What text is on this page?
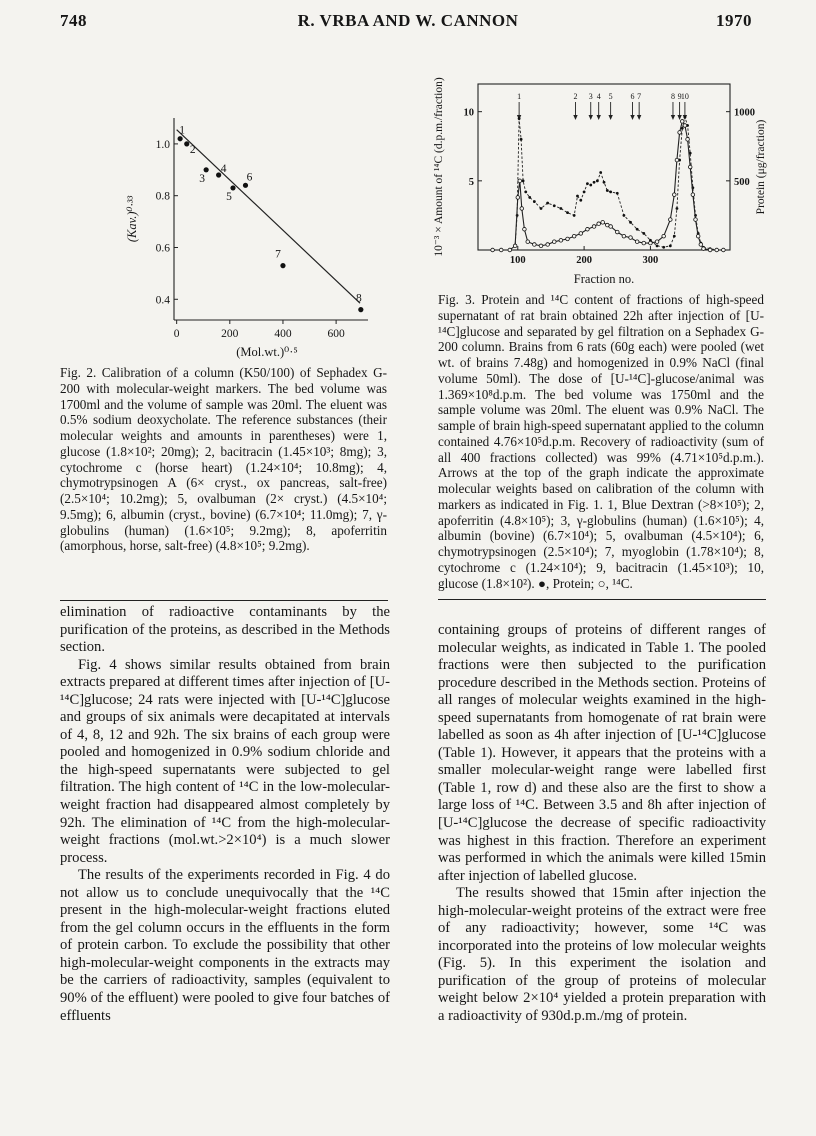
748	R. VRBA AND W. CANNON	1970
0	200	400	600
0.4
0.6
0.8
1.0
1
2
3
4
5
6
7
8
(Mol.wt.)⁰·⁵
(Kav.)⁰·³³
Fig. 2. Calibration of a column (K50/100) of Sephadex G-200 with molecular-weight markers. The bed volume was 1700ml and the volume of sample was 20ml. The eluent was 0.5% sodium deoxycholate. The reference substances (their molecular weights and amounts in parentheses) were 1, glucose (1.8×10²; 20mg); 2, bacitracin (1.45×10³; 8mg); 3, cytochrome c (horse heart) (1.24×10⁴; 10.8mg); 4, chymotrypsinogen A (6× cryst., ox pancreas, salt-free) (2.5×10⁴; 10.2mg); 5, ovalbuman (2× cryst.) (4.5×10⁴; 9.5mg); 6, albumin (cryst., bovine) (6.7×10⁴; 11.0mg); 7, γ-globulins (human) (1.6×10⁵; 9.2mg); 8, apoferritin (amorphous, horse, salt-free) (4.8×10⁵; 9.2mg).
100	200	300
5
10
500
1000
1	2 3 4 5 6 7	8 9 10
Fraction no.
10⁻³ × Amount of ¹⁴C (d.p.m./fraction)	Protein (μg/fraction)
Fig. 3. Protein and ¹⁴C content of fractions of high-speed supernatant of rat brain obtained 22h after injection of [U-¹⁴C]glucose and separated by gel filtration on a Sephadex G-200 column. Brains from 6 rats (60g each) were pooled (wet wt. of brains 7.48g) and homogenized in 0.9% NaCl (final volume 50ml). The dose of [U-¹⁴C]-glucose/animal was 1.369×10⁸d.p.m. The bed volume was 1750ml and the sample volume was 20ml. The eluent was 0.9% NaCl. The sample of brain high-speed supernatant applied to the column contained 4.76×10⁵d.p.m. Recovery of radioactivity (sum of all 400 fractions collected) was 99% (4.71×10⁵d.p.m.). Arrows at the top of the graph indicate the approximate molecular weights based on calibration of the column with markers as indicated in Fig. 1. 1, Blue Dextran (>8×10⁵); 2, apoferritin (4.8×10⁵); 3, γ-globulins (human) (1.6×10⁵); 4, albumin (bovine) (6.7×10⁴); 5, ovalbuman (4.5×10⁴); 6, chymotrypsinogen (2.5×10⁴); 7, myoglobin (1.78×10⁴); 8, cytochrome c (1.24×10⁴); 9, bacitracin (1.45×10³); 10, glucose (1.8×10²). ●, Protein; ○, ¹⁴C.

elimination of radioactive contaminants by the purification of the proteins, as described in the Methods section.

Fig. 4 shows similar results obtained from brain extracts prepared at different times after injection of [U-¹⁴C]glucose; 24 rats were injected with [U-¹⁴C]glucose and groups of six animals were decapitated at intervals of 4, 8, 12 and 92h. The six brains of each group were pooled and homogenized in 0.9% sodium chloride and the high-speed supernatants were subjected to gel filtration. The high content of ¹⁴C in the low-molecular-weight fraction had disappeared almost completely by 92h. The elimination of ¹⁴C from the high-molecular-weight fractions (mol.wt.>2×10⁴) is a much slower process.

The results of the experiments recorded in Fig. 4 do not allow us to conclude unequivocally that the ¹⁴C present in the high-molecular-weight fractions eluted from the gel column occurs in the effluents in the form of protein carbon. To exclude the possibility that other high-molecular-weight components in the extracts may be the carriers of radioactivity, samples (equivalent to 90% of the effluent) were pooled to give four batches of effluents

containing groups of proteins of different ranges of molecular weights, as indicated in Table 1. The pooled fractions were then subjected to the purification procedure described in the Methods section. Proteins of all ranges of molecular weights examined in the high-speed supernatants from homogenate of rat brain were labelled as soon as 4h after injection of [U-¹⁴C]glucose (Table 1). However, it appears that the proteins with a smaller molecular-weight range were labelled first (Table 1, row d) and these also are the first to show a large loss of ¹⁴C. Between 3.5 and 8h after injection of [U-¹⁴C]glucose the decrease of specific radioactivity was highest in this fraction. Therefore an experiment was performed in which the animals were killed 15min after injection of labelled glucose.

The results showed that 15min after injection the high-molecular-weight proteins of the extract were free of any radioactivity; however, some ¹⁴C was incorporated into the proteins of low molecular weights (Fig. 5). In this experiment the isolation and purification of the group of proteins of molecular weight below 2×10⁴ yielded a protein preparation with a radioactivity of 930d.p.m./mg of protein.
